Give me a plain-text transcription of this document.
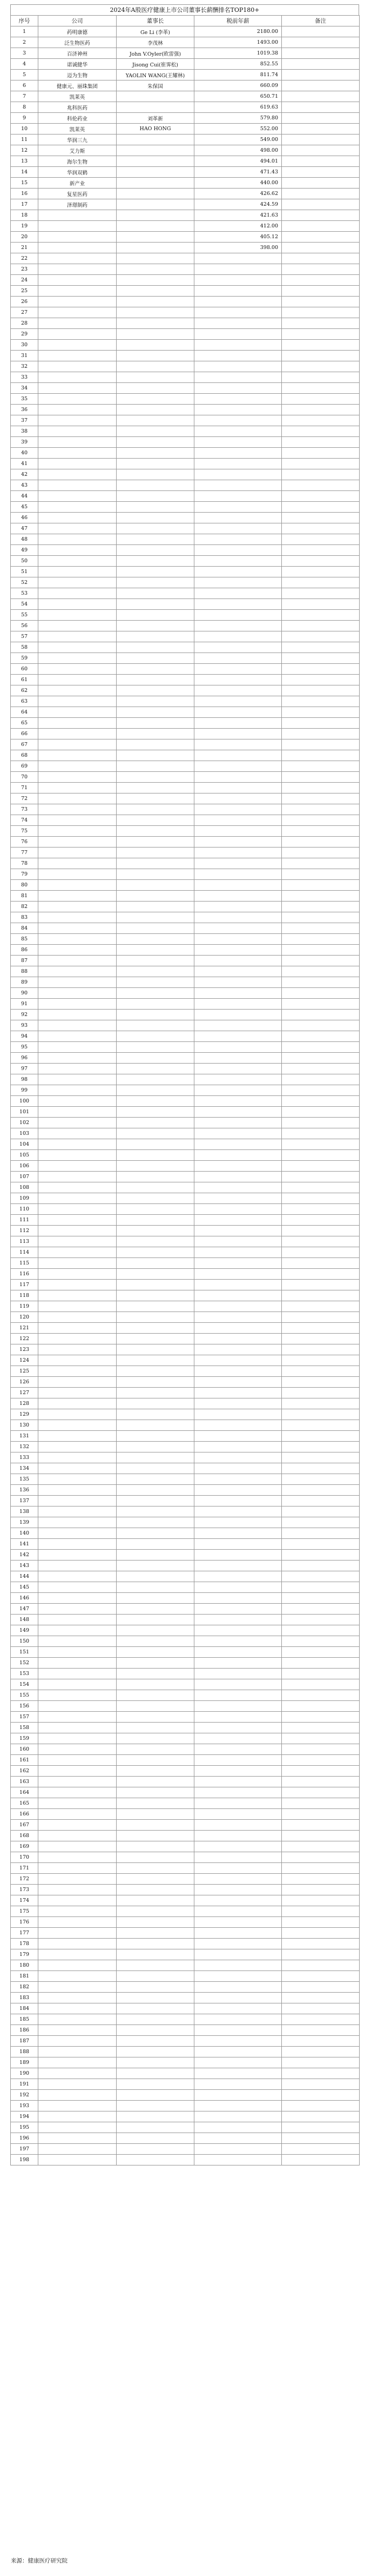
2024年A股医疗健康上市公司董事长薪酬排名TOP180+
序号	公司	董事长	税前年薪	备注
1	药明康德	Ge Li (李革)	2180.00	
2	泛生物医药	李茂林	1493.00	
3	百济神州	John V.Oyler(欧雷强)	1019.38	
4	诺诚健华	Jisong Cui(崔霁松)	852.55	
5	迈为生物	YAOLIN WANG(王耀林)	811.74	
6	健康元、丽珠集团	朱保国	660.09	
7	凯莱英		650.71	
8	兆科医药		619.63	
9	科伦药业	刘革新	579.80	
10	凯莱英	HAO HONG	552.00	
11	华润三九		549.00	
12	艾力斯		498.00	
13	海尔生物		494.01	
14	华润双鹤		471.43	
15	新产业		440.00	
16	复星医药		426.62	
17	泽璟制药		424.59	
18			421.63	
19			412.00	
20			405.12	
21			398.00	
22				
23				
24				
25				
26				
27				
28				
29				
30				
31				
32				
33				
34				
35				
36				
37				
38				
39				
40				
41				
42				
43				
44				
45				
46				
47				
48				
49				
50				
51				
52				
53				
54				
55				
56				
57				
58				
59				
60				
61				
62				
63				
64				
65				
66				
67				
68				
69				
70				
71				
72				
73				
74				
75				
76				
77				
78				
79				
80				
81				
82				
83				
84				
85				
86				
87				
88				
89				
90				
91				
92				
93				
94				
95				
96				
97				
98				
99				
100				
101				
102				
103				
104				
105				
106				
107				
108				
109				
110				
111				
112				
113				
114				
115				
116				
117				
118				
119				
120				
121				
122				
123				
124				
125				
126				
127				
128				
129				
130				
131				
132				
133				
134				
135				
136				
137				
138				
139				
140				
141				
142				
143				
144				
145				
146				
147				
148				
149				
150				
151				
152				
153				
154				
155				
156				
157				
158				
159				
160				
161				
162				
163				
164				
165				
166				
167				
168				
169				
170				
171				
172				
173				
174				
175				
176				
177				
178				
179				
180				
181				
182				
183				
184				
185				
186				
187				
188				
189				
190				
191				
192				
193				
194				
195				
196				
197				
198				
来源：健康医疗研究院
